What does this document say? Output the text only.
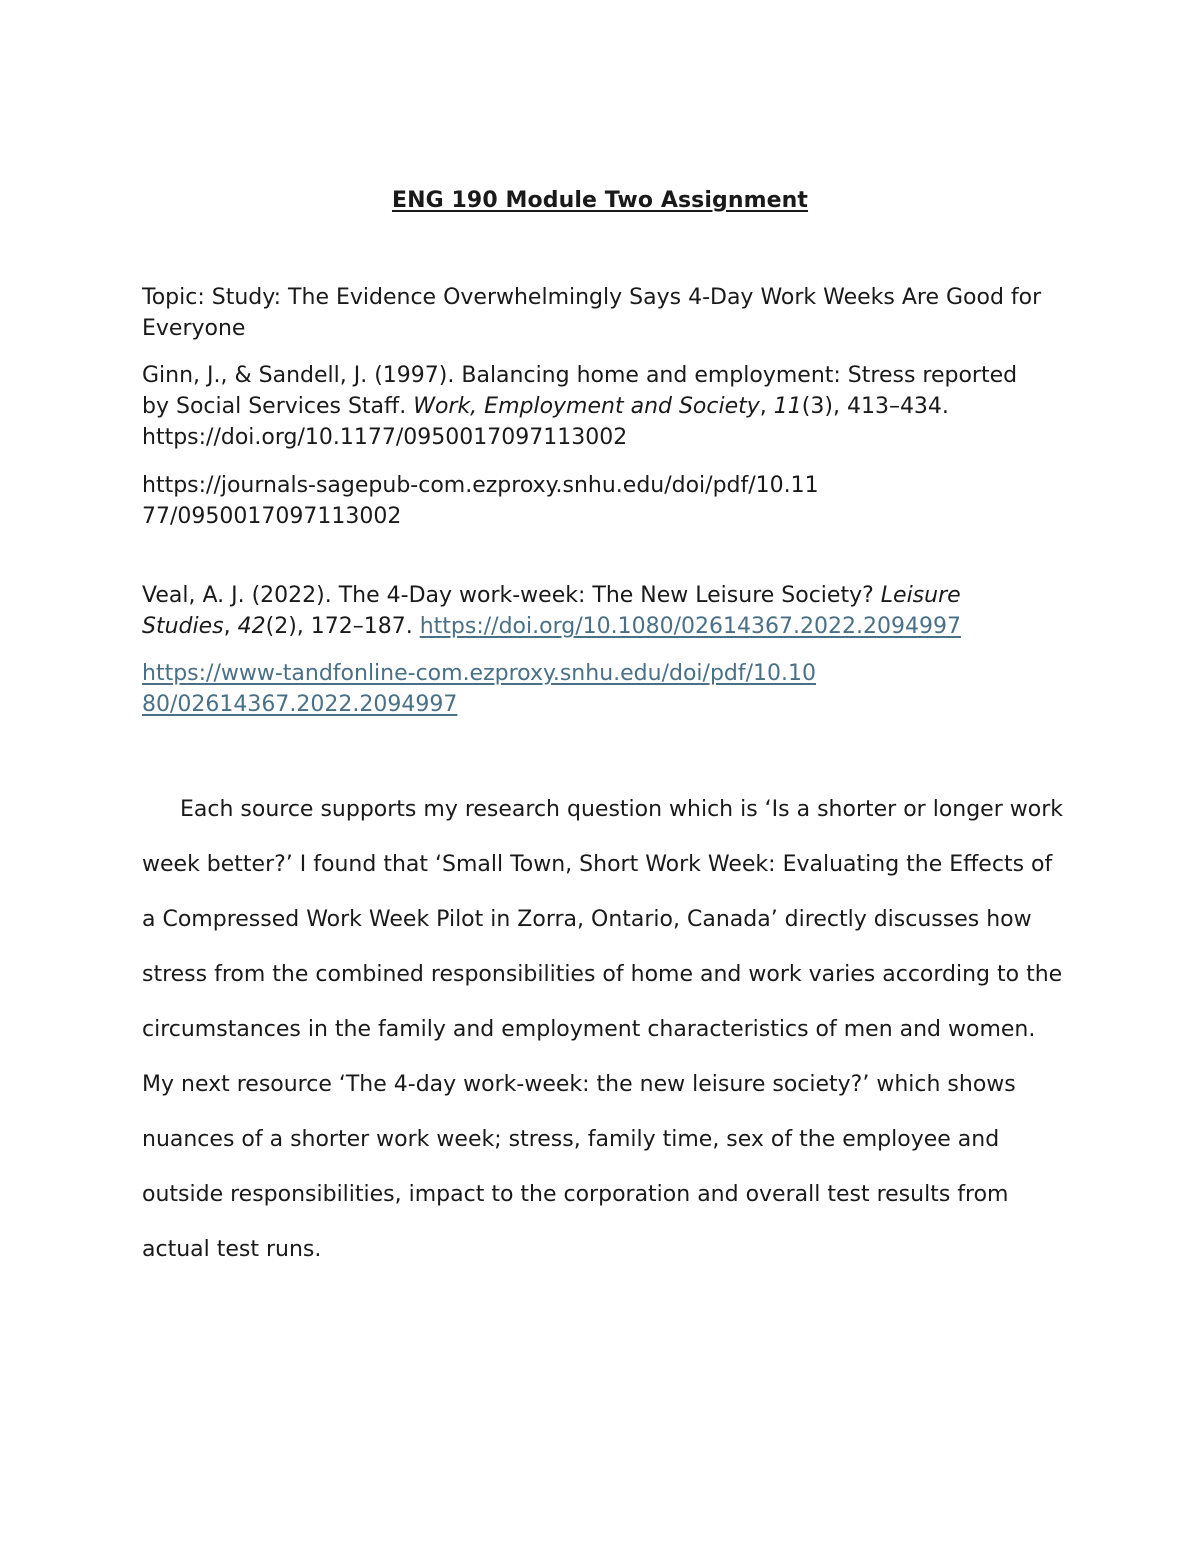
ENG 190 Module Two Assignment
Topic: Study: The Evidence Overwhelmingly Says 4-Day Work Weeks Are Good for Everyone
Ginn, J., & Sandell, J. (1997). Balancing home and employment: Stress reported by Social Services Staff. Work, Employment and Society, 11(3), 413–434. https://doi.org/10.1177/0950017097113002
https://journals-sagepub-com.ezproxy.snhu.edu/doi/pdf/10.1177/0950017097113002
Veal, A. J. (2022). The 4-Day work-week: The New Leisure Society? Leisure Studies, 42(2), 172–187. https://doi.org/10.1080/02614367.2022.2094997
https://www-tandfonline-com.ezproxy.snhu.edu/doi/pdf/10.1080/02614367.2022.2094997
Each source supports my research question which is ‘Is a shorter or longer work week better?’ I found that ‘Small Town, Short Work Week: Evaluating the Effects of a Compressed Work Week Pilot in Zorra, Ontario, Canada’ directly discusses how stress from the combined responsibilities of home and work varies according to the circumstances in the family and employment characteristics of men and women. My next resource ‘The 4-day work-week: the new leisure society?’ which shows nuances of a shorter work week; stress, family time, sex of the employee and outside responsibilities, impact to the corporation and overall test results from actual test runs.
